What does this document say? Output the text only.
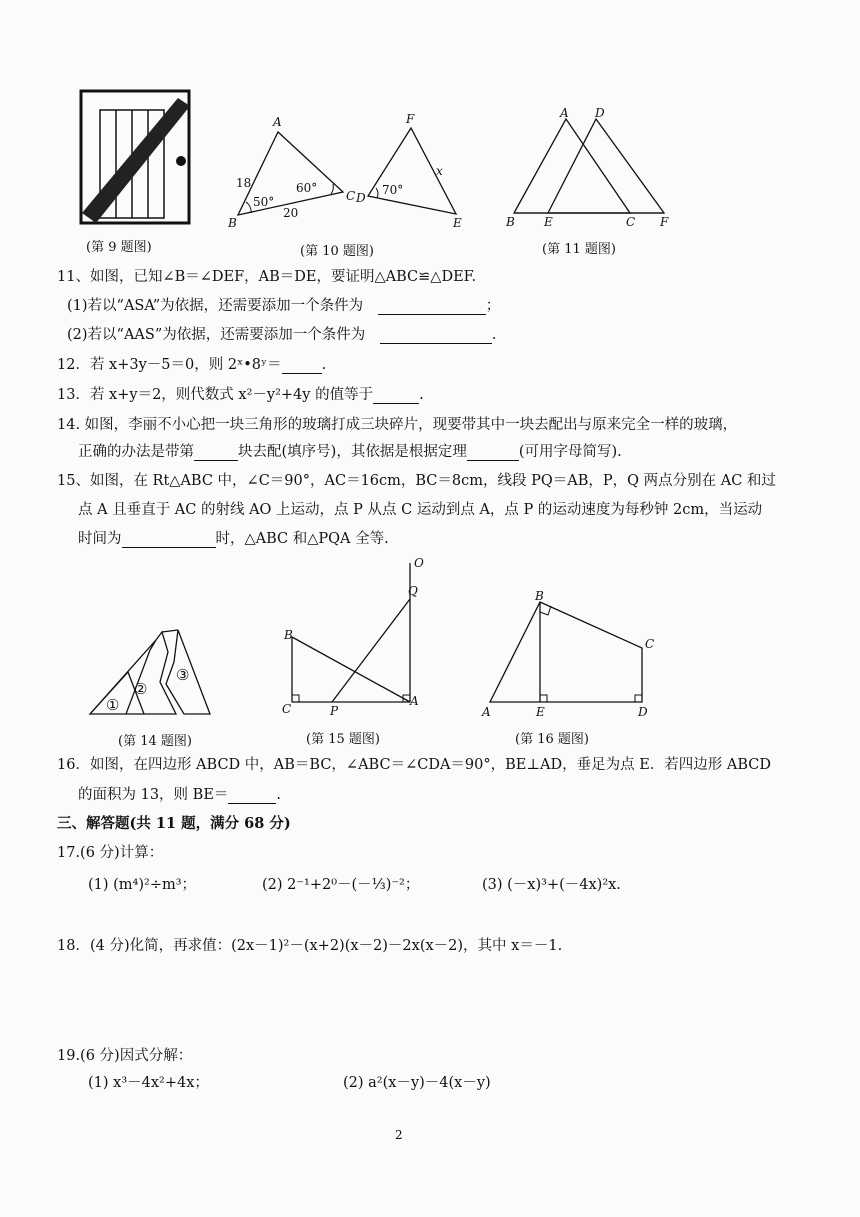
(第 9 题图)
A
B
C
18
20
50°
60°
F
D
E
x
70°
(第 10 题图)
A D
B E	C F
(第 11 题图)
11、如图，已知∠B＝∠DEF，AB＝DE，要证明△ABC≌△DEF.
(1)若以“ASA”为依据，还需要添加一个条件为	；
(2)若以“AAS”为依据，还需要添加一个条件为	.
12．若 x+3y－5＝0，则 2ˣ•8ʸ＝	.
13．若 x+y＝2，则代数式 x²－y²+4y 的值等于	.
14. 如图，李丽不小心把一块三角形的玻璃打成三块碎片，现要带其中一块去配出与原来完全一样的玻璃，
正确的办法是带第	块去配(填序号)，其依据是根据定理	(可用字母简写).
15、如图，在 Rt△ABC 中，∠C＝90°，AC＝16cm，BC＝8cm，线段 PQ＝AB，P，Q 两点分别在 AC 和过
点 A 且垂直于 AC 的射线 AO 上运动，点 P 从点 C 运动到点 A，点 P 的运动速度为每秒钟 2cm，当运动
时间为	时，△ABC 和△PQA 全等.
①
②
③
(第 14 题图)
O
Q
B
C	P
A
(第 15 题图)
B
C
A	E	D
(第 16 题图)
16．如图，在四边形 ABCD 中，AB＝BC，∠ABC＝∠CDA＝90°，BE⊥AD，垂足为点 E．若四边形 ABCD
的面积为 13，则 BE＝	.
三、解答题(共 11 题，满分 68 分)
17.(6 分)计算：
(1) (m⁴)²÷m³；	(2) 2⁻¹+2⁰－(－⅓)⁻²；	(3) (－x)³+(－4x)²x.
18．(4 分)化简，再求值：(2x－1)²－(x+2)(x－2)－2x(x－2)，其中 x＝－1.
19.(6 分)因式分解：
(1) x³－4x²+4x；	(2) a²(x－y)－4(x－y)
2
